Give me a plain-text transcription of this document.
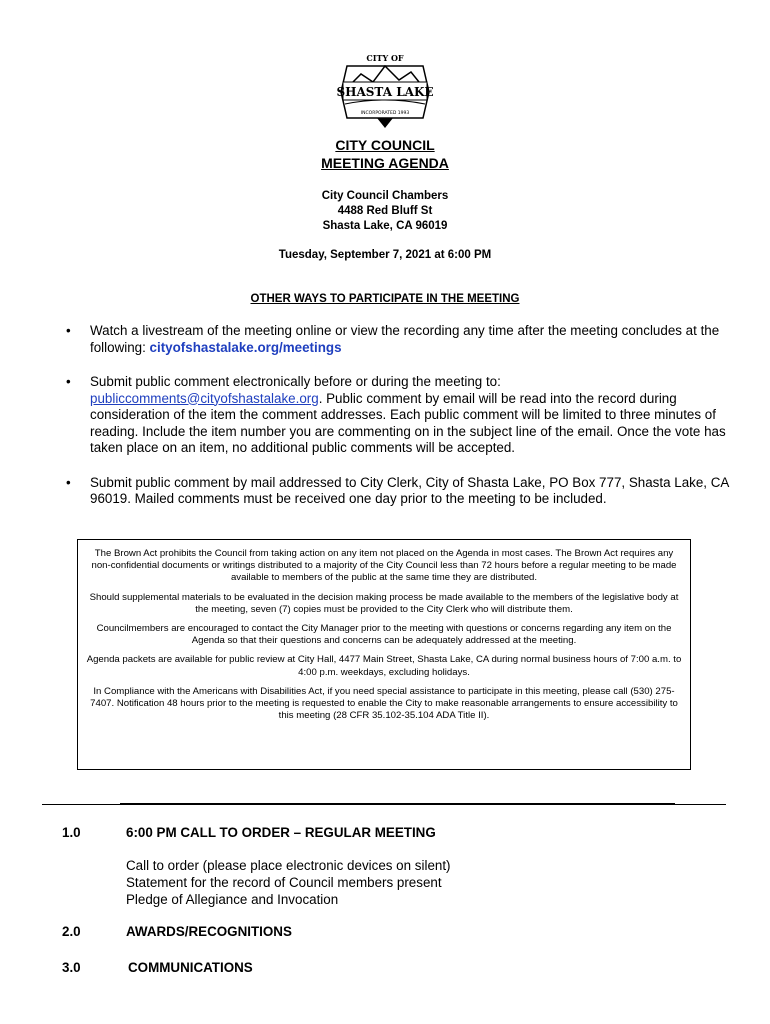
CITY OF
SHASTA LAKE
INCORPORATED 1993
CITY COUNCIL
MEETING AGENDA
City Council Chambers
4488 Red Bluff St
Shasta Lake, CA 96019
Tuesday, September 7, 2021 at 6:00 PM
OTHER WAYS TO PARTICIPATE IN THE MEETING
• Watch a livestream of the meeting online or view the recording any time after the meeting concludes at the following: cityofshastalake.org/meetings
• Submit public comment electronically before or during the meeting to:
publiccomments@cityofshastalake.org. Public comment by email will be read into the record during consideration of the item the comment addresses. Each public comment will be limited to three minutes of reading. Include the item number you are commenting on in the subject line of the email. Once the vote has taken place on an item, no additional public comments will be accepted.
• Submit public comment by mail addressed to City Clerk, City of Shasta Lake, PO Box 777, Shasta Lake, CA 96019. Mailed comments must be received one day prior to the meeting to be included.

The Brown Act prohibits the Council from taking action on any item not placed on the Agenda in most cases. The Brown Act requires any non-confidential documents or writings distributed to a majority of the City Council less than 72 hours before a regular meeting to be made available to members of the public at the same time they are distributed.

Should supplemental materials to be evaluated in the decision making process be made available to the members of the legislative body at the meeting, seven (7) copies must be provided to the City Clerk who will distribute them.

Councilmembers are encouraged to contact the City Manager prior to the meeting with questions or concerns regarding any item on the Agenda so that their questions and concerns can be adequately addressed at the meeting.

Agenda packets are available for public review at City Hall, 4477 Main Street, Shasta Lake, CA during normal business hours of 7:00 a.m. to 4:00 p.m. weekdays, excluding holidays.

In Compliance with the Americans with Disabilities Act, if you need special assistance to participate in this meeting, please call (530) 275-7407. Notification 48 hours prior to the meeting is requested to enable the City to make reasonable arrangements to ensure accessibility to this meeting (28 CFR 35.102-35.104 ADA Title II).

1.0	6:00 PM CALL TO ORDER – REGULAR MEETING
Call to order (please place electronic devices on silent)
Statement for the record of Council members present
Pledge of Allegiance and Invocation
2.0	AWARDS/RECOGNITIONS
3.0	COMMUNICATIONS
